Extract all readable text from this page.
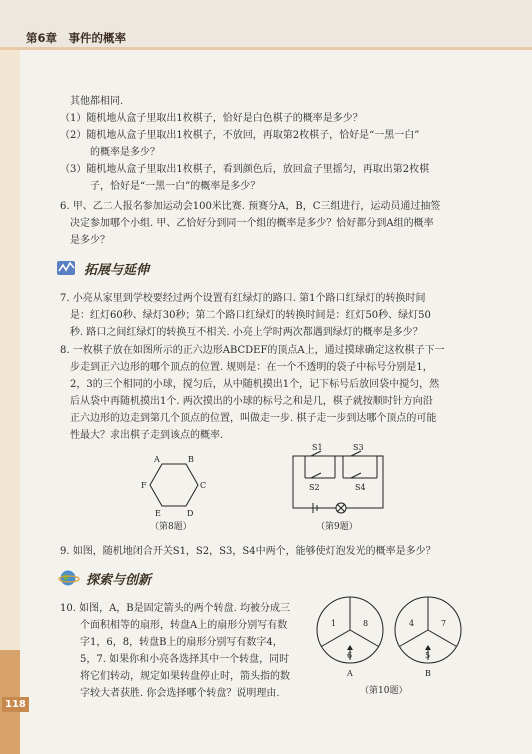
第6章　事件的概率
118
其他都相同.
（1）随机地从盒子里取出1枚棋子，恰好是白色棋子的概率是多少？
（2）随机地从盒子里取出1枚棋子，不放回，再取第2枚棋子，恰好是“一黑一白”
　　　的概率是多少？
（3）随机地从盒子里取出1枚棋子，看到颜色后，放回盒子里摇匀，再取出第2枚棋
　　　子，恰好是“一黑一白”的概率是多少？
6. 甲、乙二人报名参加运动会100米比赛. 预赛分A，B，C三组进行，运动员通过抽签
　决定参加哪个小组. 甲、乙恰好分到同一个组的概率是多少？恰好都分到A组的概率
　是多少？
拓展与延伸
7. 小亮从家里到学校要经过两个设置有红绿灯的路口. 第1个路口红绿灯的转换时间
　是：红灯60秒、绿灯30秒；第二个路口红绿灯的转换时间是：红灯50秒、绿灯50
　秒. 路口之间红绿灯的转换互不相关. 小亮上学时两次都遇到绿灯的概率是多少？
8. 一枚棋子放在如图所示的正六边形ABCDEF的顶点A上，通过摸球确定这枚棋子下一
　步走到正六边形的哪个顶点的位置. 规则是：在一个不透明的袋子中标号分别是1，
　2，3的三个相同的小球，搅匀后，从中随机摸出1个，记下标号后放回袋中搅匀，然
　后从袋中再随机摸出1个. 两次摸出的小球的标号之和是几，棋子就按顺时针方向沿
　正六边形的边走到第几个顶点的位置，叫做走一步. 棋子走一步到达哪个顶点的可能
　性最大？求出棋子走到该点的概率.
A	B
C
D
E
F
（第8题）
S1
S2
S3
S4
（第9题）
9. 如图，随机地闭合开关S1，S2，S3，S4中两个，能够使灯泡发光的概率是多少？
探索与创新
10. 如图，A，B是固定箭头的两个转盘. 均被分成三
　　个面积相等的扇形，转盘A上的扇形分别写有数
　　字1，6，8，转盘B上的扇形分别写有数字4，
　　5，7. 如果你和小亮各选择其中一个转盘，同时
　　将它们转动，规定如果转盘停止时，箭头指的数
　　字较大者获胜. 你会选择哪个转盘？说明理由.
1	8
6
4	7
5
A	B
（第10题）
